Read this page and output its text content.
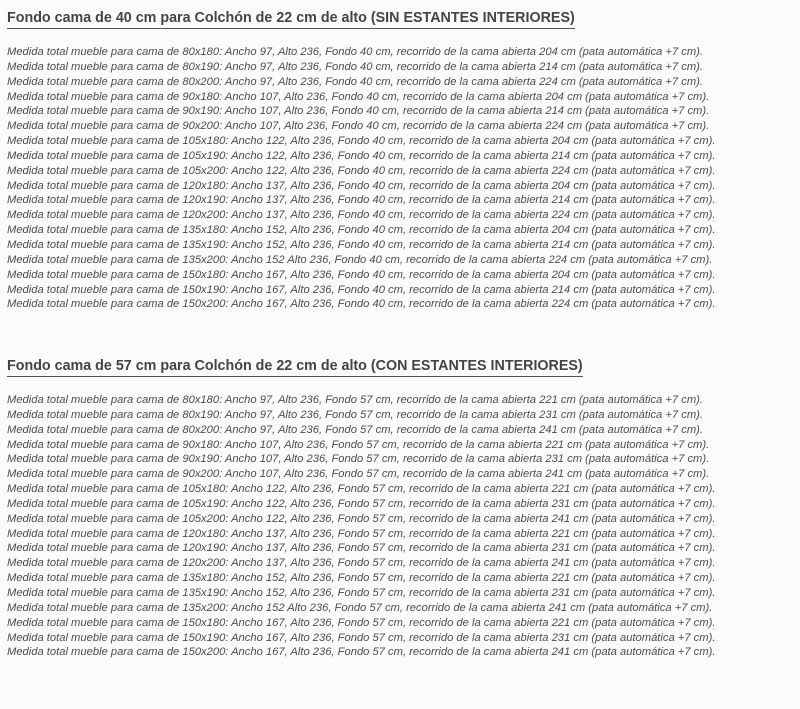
Fondo cama de 40 cm para Colchón de 22 cm de alto (SIN ESTANTES INTERIORES)
Medida total mueble para cama de 80x180: Ancho 97, Alto 236, Fondo 40 cm, recorrido de la cama abierta 204 cm (pata automática +7 cm).
Medida total mueble para cama de 80x190: Ancho 97, Alto 236, Fondo 40 cm, recorrido de la cama abierta 214 cm (pata automática +7 cm).
Medida total mueble para cama de 80x200: Ancho 97, Alto 236, Fondo 40 cm, recorrido de la cama abierta 224 cm (pata automática +7 cm).
Medida total mueble para cama de 90x180: Ancho 107, Alto 236, Fondo 40 cm, recorrido de la cama abierta 204 cm (pata automática +7 cm).
Medida total mueble para cama de 90x190: Ancho 107, Alto 236, Fondo 40 cm, recorrido de la cama abierta 214 cm (pata automática +7 cm).
Medida total mueble para cama de 90x200: Ancho 107, Alto 236, Fondo 40 cm, recorrido de la cama abierta 224 cm (pata automática +7 cm).
Medida total mueble para cama de 105x180: Ancho 122, Alto 236, Fondo 40 cm, recorrido de la cama abierta 204 cm (pata automática +7 cm).
Medida total mueble para cama de 105x190: Ancho 122, Alto 236, Fondo 40 cm, recorrido de la cama abierta 214 cm (pata automática +7 cm).
Medida total mueble para cama de 105x200: Ancho 122, Alto 236, Fondo 40 cm, recorrido de la cama abierta 224 cm (pata automática +7 cm).
Medida total mueble para cama de 120x180: Ancho 137, Alto 236, Fondo 40 cm, recorrido de la cama abierta 204 cm (pata automática +7 cm).
Medida total mueble para cama de 120x190: Ancho 137, Alto 236, Fondo 40 cm, recorrido de la cama abierta 214 cm (pata automática +7 cm).
Medida total mueble para cama de 120x200: Ancho 137, Alto 236, Fondo 40 cm, recorrido de la cama abierta 224 cm (pata automática +7 cm).
Medida total mueble para cama de 135x180: Ancho 152, Alto 236, Fondo 40 cm, recorrido de la cama abierta 204 cm (pata automática +7 cm).
Medida total mueble para cama de 135x190: Ancho 152, Alto 236, Fondo 40 cm, recorrido de la cama abierta 214 cm (pata automática +7 cm).
Medida total mueble para cama de 135x200: Ancho 152 Alto 236, Fondo 40 cm, recorrido de la cama abierta 224 cm (pata automática +7 cm).
Medida total mueble para cama de 150x180: Ancho 167, Alto 236, Fondo 40 cm, recorrido de la cama abierta 204 cm (pata automática +7 cm).
Medida total mueble para cama de 150x190: Ancho 167, Alto 236, Fondo 40 cm, recorrido de la cama abierta 214 cm (pata automática +7 cm).
Medida total mueble para cama de 150x200: Ancho 167, Alto 236, Fondo 40 cm, recorrido de la cama abierta 224 cm (pata automática +7 cm).
Fondo cama de 57 cm para Colchón de 22 cm de alto (CON ESTANTES INTERIORES)
Medida total mueble para cama de 80x180: Ancho 97, Alto 236, Fondo 57 cm, recorrido de la cama abierta 221 cm (pata automática +7 cm).
Medida total mueble para cama de 80x190: Ancho 97, Alto 236, Fondo 57 cm, recorrido de la cama abierta 231 cm (pata automática +7 cm).
Medida total mueble para cama de 80x200: Ancho 97, Alto 236, Fondo 57 cm, recorrido de la cama abierta 241 cm (pata automática +7 cm).
Medida total mueble para cama de 90x180: Ancho 107, Alto 236, Fondo 57 cm, recorrido de la cama abierta 221 cm (pata automática +7 cm).
Medida total mueble para cama de 90x190: Ancho 107, Alto 236, Fondo 57 cm, recorrido de la cama abierta 231 cm (pata automática +7 cm).
Medida total mueble para cama de 90x200: Ancho 107, Alto 236, Fondo 57 cm, recorrido de la cama abierta 241 cm (pata automática +7 cm).
Medida total mueble para cama de 105x180: Ancho 122, Alto 236, Fondo 57 cm, recorrido de la cama abierta 221 cm (pata automática +7 cm).
Medida total mueble para cama de 105x190: Ancho 122, Alto 236, Fondo 57 cm, recorrido de la cama abierta 231 cm (pata automática +7 cm).
Medida total mueble para cama de 105x200: Ancho 122, Alto 236, Fondo 57 cm, recorrido de la cama abierta 241 cm (pata automática +7 cm).
Medida total mueble para cama de 120x180: Ancho 137, Alto 236, Fondo 57 cm, recorrido de la cama abierta 221 cm (pata automática +7 cm).
Medida total mueble para cama de 120x190: Ancho 137, Alto 236, Fondo 57 cm, recorrido de la cama abierta 231 cm (pata automática +7 cm).
Medida total mueble para cama de 120x200: Ancho 137, Alto 236, Fondo 57 cm, recorrido de la cama abierta 241 cm (pata automática +7 cm).
Medida total mueble para cama de 135x180: Ancho 152, Alto 236, Fondo 57 cm, recorrido de la cama abierta 221 cm (pata automática +7 cm).
Medida total mueble para cama de 135x190: Ancho 152, Alto 236, Fondo 57 cm, recorrido de la cama abierta 231 cm (pata automática +7 cm).
Medida total mueble para cama de 135x200: Ancho 152 Alto 236, Fondo 57 cm, recorrido de la cama abierta 241 cm (pata automática +7 cm).
Medida total mueble para cama de 150x180: Ancho 167, Alto 236, Fondo 57 cm, recorrido de la cama abierta 221 cm (pata automática +7 cm).
Medida total mueble para cama de 150x190: Ancho 167, Alto 236, Fondo 57 cm, recorrido de la cama abierta 231 cm (pata automática +7 cm).
Medida total mueble para cama de 150x200: Ancho 167, Alto 236, Fondo 57 cm, recorrido de la cama abierta 241 cm (pata automática +7 cm).
